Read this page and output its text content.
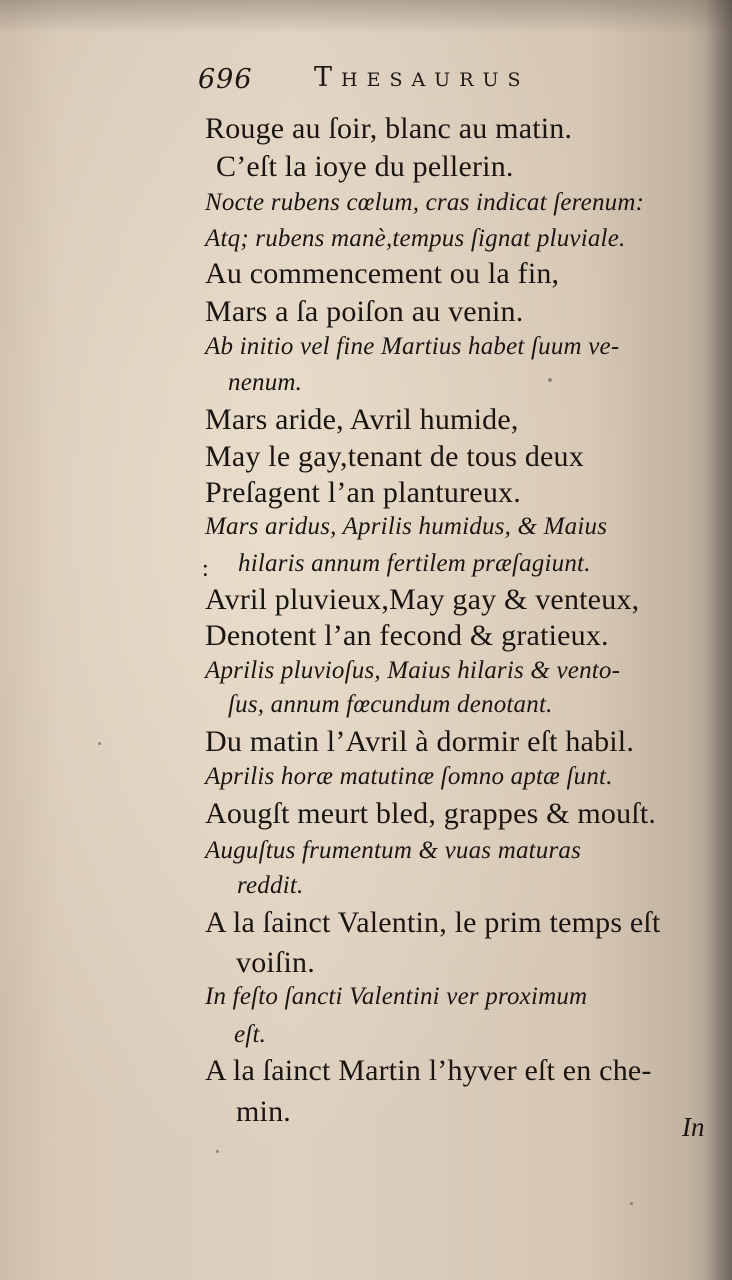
696 Thesaurus
Rouge au ſoir, blanc au matin.
C’eſt la ioye du pellerin.
Nocte rubens cœlum, cras indicat ſerenum:
Atq; rubens manè,tempus ſignat pluviale.
Au commencement ou la fin,
Mars a ſa poiſon au venin.
Ab initio vel fine Martius habet ſuum ve-
nenum.
Mars aride, Avril humide,
May le gay,tenant de tous deux
Preſagent l’an plantureux.
Mars aridus, Aprilis humidus, & Maius
: hilaris annum fertilem præſagiunt.
Avril pluvieux,May gay & venteux,
Denotent l’an fecond & gratieux.
Aprilis pluvioſus, Maius hilaris & vento-
ſus, annum fœcundum denotant.
Du matin l’Avril à dormir eſt habil.
Aprilis horæ matutinæ ſomno aptæ ſunt.
Aougſt meurt bled, grappes & mouſt.
Auguſtus frumentum & vuas maturas
reddit.
A la ſainct Valentin, le prim temps eſt
voiſin.
In feſto ſancti Valentini ver proximum
eſt.
A la ſainct Martin l’hyver eſt en che-
min.	In
